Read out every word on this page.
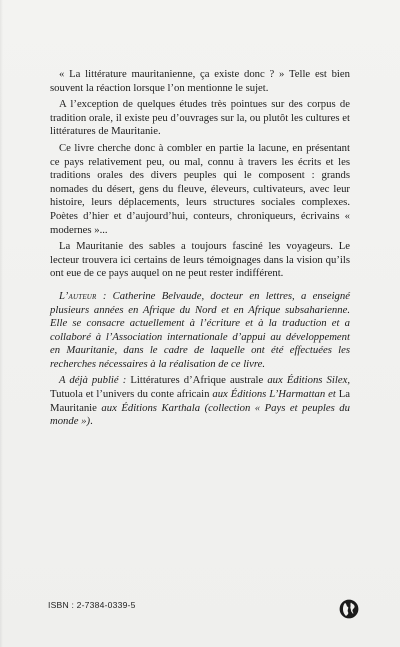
« La littérature mauritanienne, ça existe donc ? » Telle est bien souvent la réaction lorsque l’on mentionne le sujet.

A l’exception de quelques études très pointues sur des corpus de tradition orale, il existe peu d’ouvrages sur la, ou plutôt les cultures et littératures de Mauritanie.

Ce livre cherche donc à combler en partie la lacune, en présentant ce pays relativement peu, ou mal, connu à travers les écrits et les traditions orales des divers peuples qui le composent : grands nomades du désert, gens du fleuve, éleveurs, cultivateurs, avec leur histoire, leurs déplacements, leurs structures sociales complexes. Poètes d’hier et d’aujourd’hui, conteurs, chroniqueurs, écrivains « modernes »...

La Mauritanie des sables a toujours fasciné les voyageurs. Le lecteur trouvera ici certains de leurs témoignages dans la vision qu’ils ont eue de ce pays auquel on ne peut rester indifférent.

L’auteur : Catherine Belvaude, docteur en lettres, a enseigné plusieurs années en Afrique du Nord et en Afrique subsaharienne. Elle se consacre actuellement à l’écriture et à la traduction et a collaboré à l’Association internationale d’appui au développement en Mauritanie, dans le cadre de laquelle ont été effectuées les recherches nécessaires à la réalisation de ce livre.

A déjà publié : Littératures d’Afrique australe aux Éditions Silex, Tutuola et l’univers du conte africain aux Éditions L’Harmattan et La Mauritanie aux Éditions Karthala (collection « Pays et peuples du monde »).

ISBN : 2-7384-0339-5
